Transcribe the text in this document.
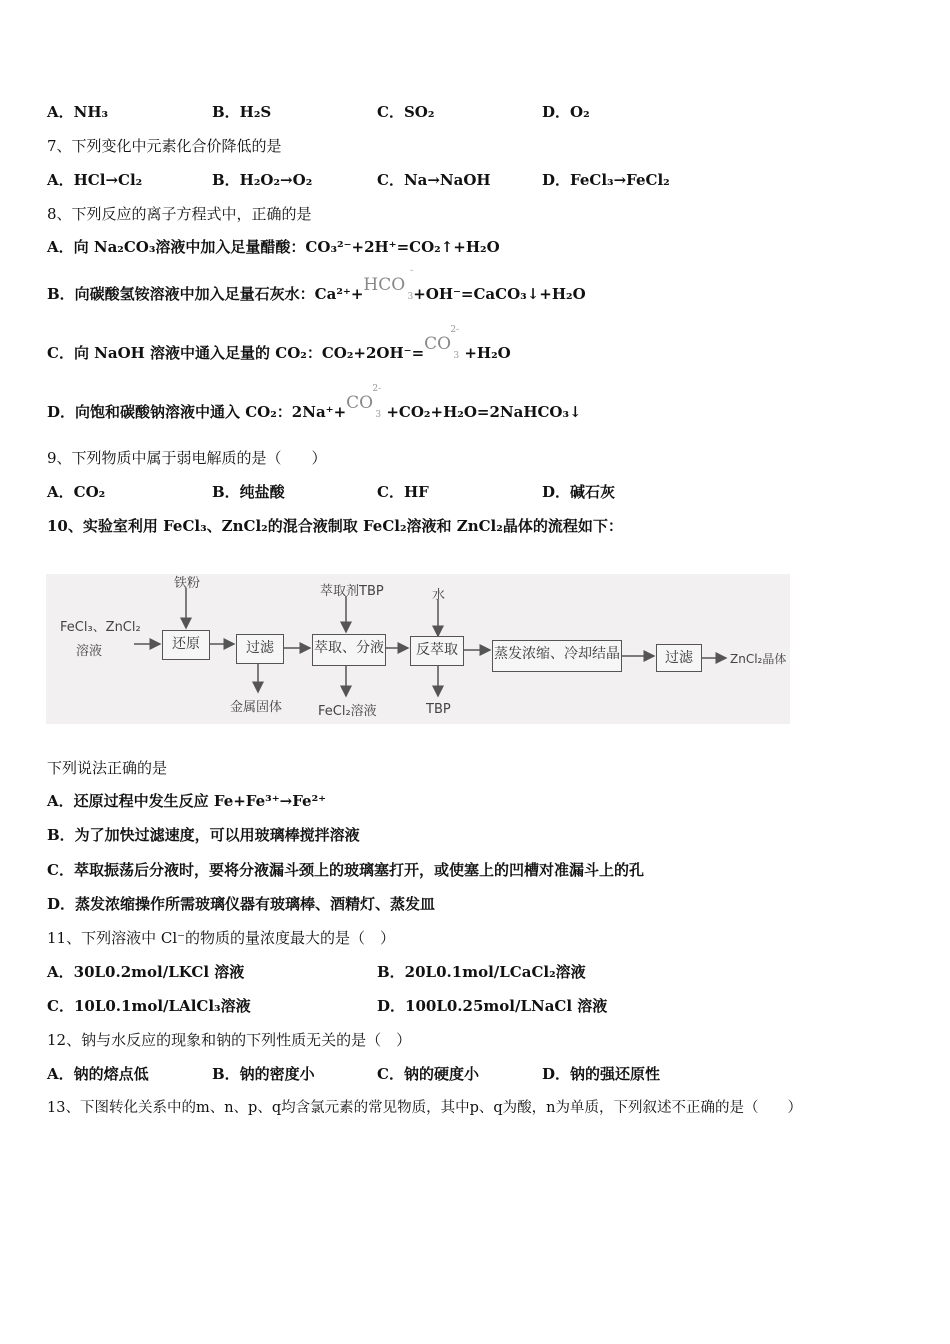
A．NH₃	B．H₂S	C．SO₂	D．O₂
7、下列变化中元素化合价降低的是
A．HCl→Cl₂	B．H₂O₂→O₂	C．Na→NaOH	D．FeCl₃→FeCl₂
8、下列反应的离子方程式中，正确的是
A．向 Na₂CO₃溶液中加入足量醋酸：CO₃²⁻+2H⁺=CO₂↑+H₂O
B．向碳酸氢铵溶液中加入足量石灰水：Ca²⁺+HCO
-
3 +OH⁻=CaCO₃↓+H₂O
C．向 NaOH 溶液中通入足量的 CO₂：CO₂+2OH⁻=CO
2-
3 +H₂O
D．向饱和碳酸钠溶液中通入 CO₂：2Na⁺+CO
2-
3 +CO₂+H₂O=2NaHCO₃↓
9、下列物质中属于弱电解质的是（　　）
A．CO₂	B．纯盐酸	C．HF	D．碱石灰
10、实验室利用 FeCl₃、ZnCl₂的混合液制取 FeCl₂溶液和 ZnCl₂晶体的流程如下：
铁粉
萃取剂TBP	水
FeCl₃、ZnCl₂
溶液	还原	过滤	萃取、分液	反萃取	蒸发浓缩、冷却结晶	过滤	ZnCl₂晶体
金属固体	FeCl₂溶液	TBP
下列说法正确的是
A．还原过程中发生反应 Fe+Fe³⁺→Fe²⁺
B．为了加快过滤速度，可以用玻璃棒搅拌溶液
C．萃取振荡后分液时，要将分液漏斗颈上的玻璃塞打开，或使塞上的凹槽对准漏斗上的孔
D．蒸发浓缩操作所需玻璃仪器有玻璃棒、酒精灯、蒸发皿
11、下列溶液中 Cl⁻的物质的量浓度最大的是（　）
A．30L0.2mol/LKCl 溶液	B．20L0.1mol/LCaCl₂溶液
C．10L0.1mol/LAlCl₃溶液	D．100L0.25mol/LNaCl 溶液
12、钠与水反应的现象和钠的下列性质无关的是（　）
A．钠的熔点低	B．钠的密度小	C．钠的硬度小	D．钠的强还原性
13、下图转化关系中的m、n、p、q均含氯元素的常见物质，其中p、q为酸，n为单质，下列叙述不正确的是（　　）
